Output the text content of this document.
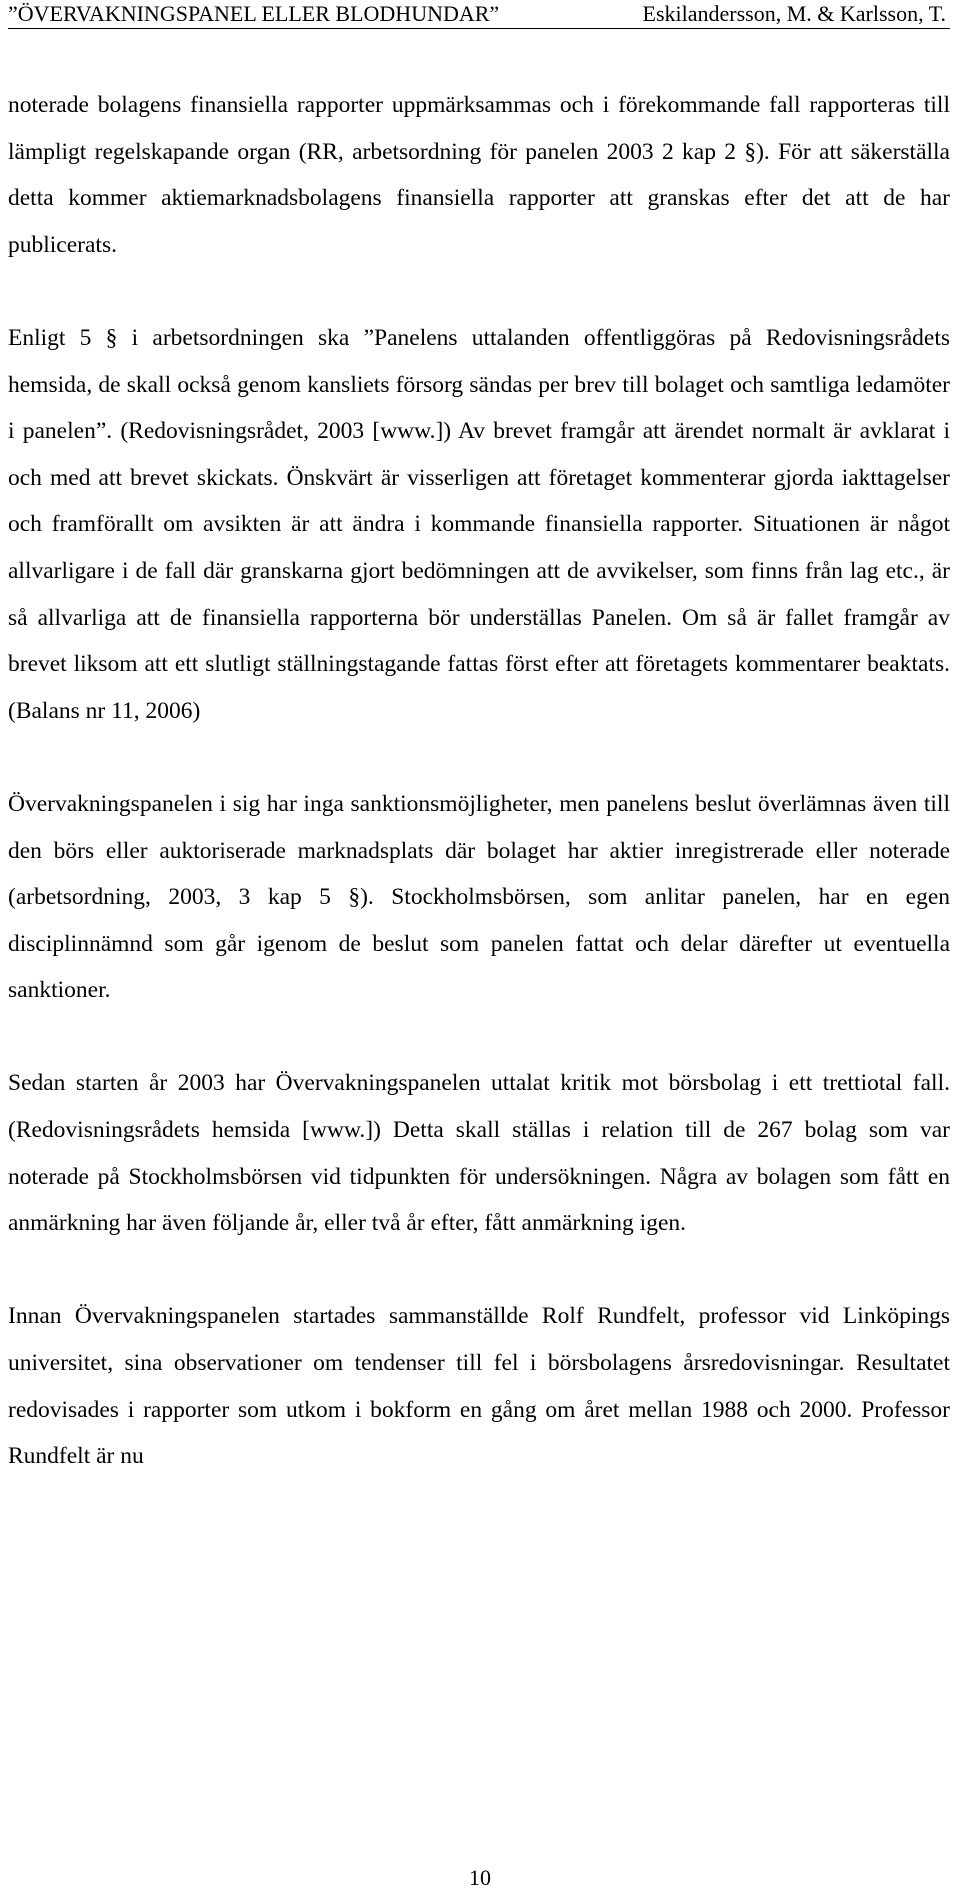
”ÖVERVAKNINGSPANEL ELLER BLODHUNDAR”	Eskilandersson, M. & Karlsson, T.

noterade bolagens finansiella rapporter uppmärksammas och i förekommande fall rapporteras till lämpligt regelskapande organ (RR, arbetsordning för panelen 2003 2 kap 2 §). För att säkerställa detta kommer aktiemarknadsbolagens finansiella rapporter att granskas efter det att de har publicerats.

Enligt 5 § i arbetsordningen ska ”Panelens uttalanden offentliggöras på Redovisningsrådets hemsida, de skall också genom kansliets försorg sändas per brev till bolaget och samtliga ledamöter i panelen”. (Redovisningsrådet, 2003 [www.]) Av brevet framgår att ärendet normalt är avklarat i och med att brevet skickats. Önskvärt är visserligen att företaget kommenterar gjorda iakttagelser och framförallt om avsikten är att ändra i kommande finansiella rapporter. Situationen är något allvarligare i de fall där granskarna gjort bedömningen att de avvikelser, som finns från lag etc., är så allvarliga att de finansiella rapporterna bör underställas Panelen. Om så är fallet framgår av brevet liksom att ett slutligt ställningstagande fattas först efter att företagets kommentarer beaktats. (Balans nr 11, 2006)

Övervakningspanelen i sig har inga sanktionsmöjligheter, men panelens beslut överlämnas även till den börs eller auktoriserade marknadsplats där bolaget har aktier inregistrerade eller noterade (arbetsordning, 2003, 3 kap 5 §). Stockholmsbörsen, som anlitar panelen, har en egen disciplinnämnd som går igenom de beslut som panelen fattat och delar därefter ut eventuella sanktioner.

Sedan starten år 2003 har Övervakningspanelen uttalat kritik mot börsbolag i ett trettiotal fall. (Redovisningsrådets hemsida [www.]) Detta skall ställas i relation till de 267 bolag som var noterade på Stockholmsbörsen vid tidpunkten för undersökningen. Några av bolagen som fått en anmärkning har även följande år, eller två år efter, fått anmärkning igen.

Innan Övervakningspanelen startades sammanställde Rolf Rundfelt, professor vid Linköpings universitet, sina observationer om tendenser till fel i börsbolagens årsredovisningar. Resultatet redovisades i rapporter som utkom i bokform en gång om året mellan 1988 och 2000. Professor Rundfelt är nu

10
